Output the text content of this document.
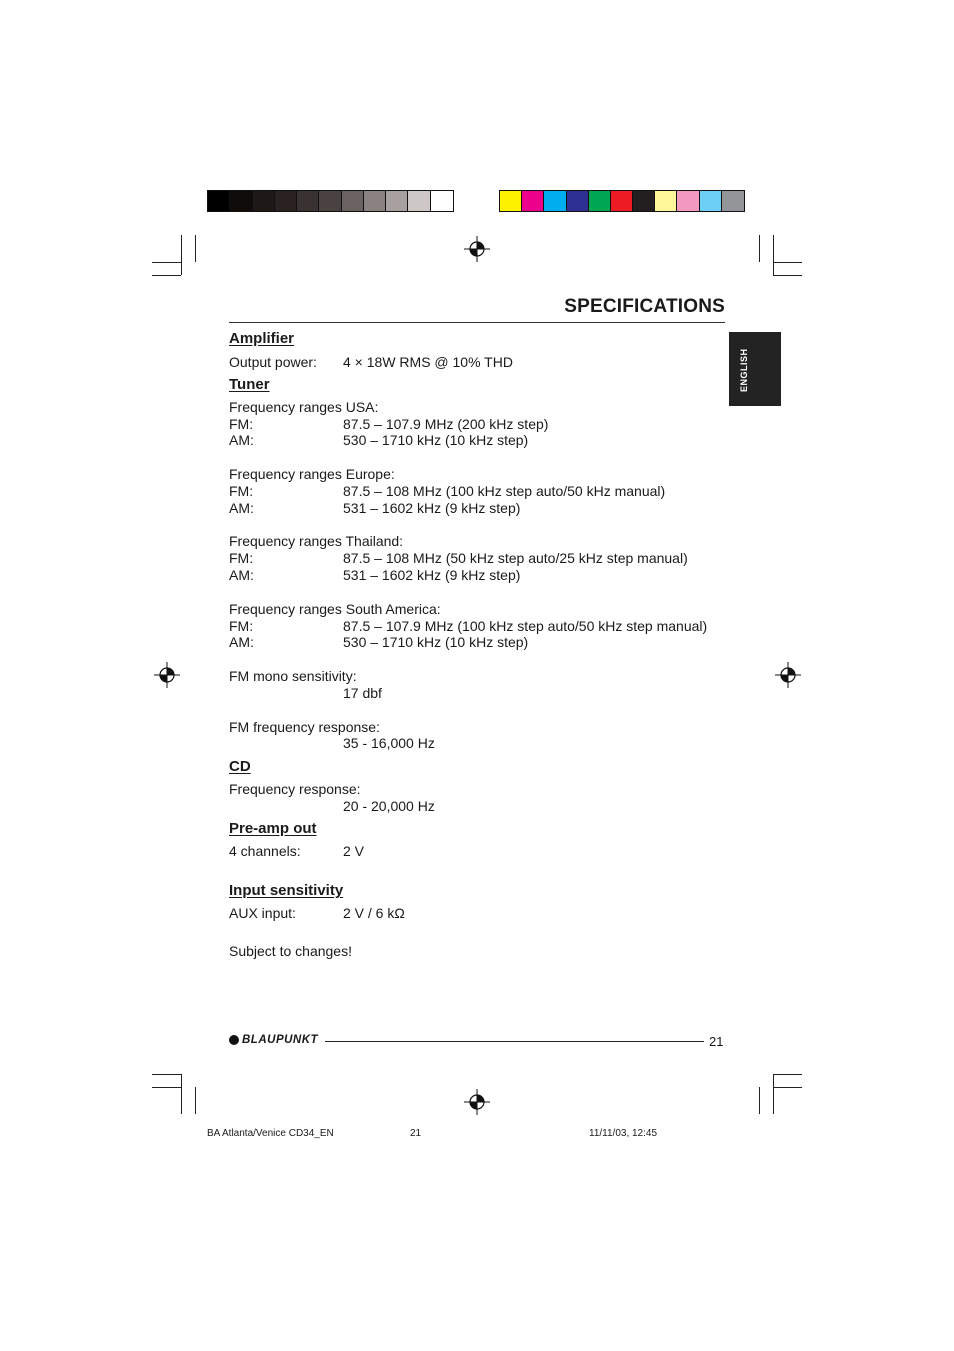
SPECIFICATIONS
ENGLISH
Amplifier
Output power: 4 × 18W RMS @ 10% THD
Tuner
Frequency ranges USA:
FM:	87.5 – 107.9 MHz (200 kHz step)
AM:	530 – 1710 kHz (10 kHz step)
Frequency ranges Europe:
FM:	87.5 – 108 MHz (100 kHz step auto/50 kHz manual)
AM:	531 – 1602 kHz (9 kHz step)
Frequency ranges Thailand:
FM:	87.5 – 108 MHz (50 kHz step auto/25 kHz step manual)
AM:	531 – 1602 kHz (9 kHz step)
Frequency ranges South America:
FM:	87.5 – 107.9 MHz (100 kHz step auto/50 kHz step manual)
AM:	530 – 1710 kHz (10 kHz step)
FM mono sensitivity:
17 dbf
FM frequency response:
35 - 16,000 Hz
CD
Frequency response:
20 - 20,000 Hz
Pre-amp out
4 channels:	2 V
Input sensitivity
AUX input:	2 V / 6 kΩ
Subject to changes!
BLAUPUNKT	21
BA Atlanta/Venice CD34_EN	21	11/11/03, 12:45
